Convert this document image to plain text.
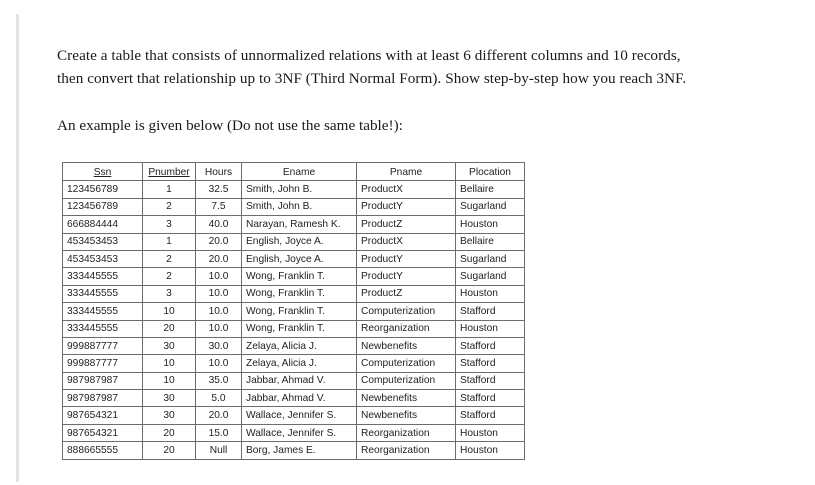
Create a table that consists of unnormalized relations with at least 6 different columns and 10 records,

then convert that relationship up to 3NF (Third Normal Form). Show step-by-step how you reach 3NF.

An example is given below (Do not use the same table!):
Ssn	Pnumber	Hours	Ename	Pname	Plocation
123456789	1	32.5	Smith, John B.	ProductX	Bellaire
123456789	2	7.5	Smith, John B.	ProductY	Sugarland
666884444	3	40.0	Narayan, Ramesh K.	ProductZ	Houston
453453453	1	20.0	English, Joyce A.	ProductX	Bellaire
453453453	2	20.0	English, Joyce A.	ProductY	Sugarland
333445555	2	10.0	Wong, Franklin T.	ProductY	Sugarland
333445555	3	10.0	Wong, Franklin T.	ProductZ	Houston
333445555	10	10.0	Wong, Franklin T.	Computerization	Stafford
333445555	20	10.0	Wong, Franklin T.	Reorganization	Houston
999887777	30	30.0	Zelaya, Alicia J.	Newbenefits	Stafford
999887777	10	10.0	Zelaya, Alicia J.	Computerization	Stafford
987987987	10	35.0	Jabbar, Ahmad V.	Computerization	Stafford
987987987	30	5.0	Jabbar, Ahmad V.	Newbenefits	Stafford
987654321	30	20.0	Wallace, Jennifer S.	Newbenefits	Stafford
987654321	20	15.0	Wallace, Jennifer S.	Reorganization	Houston
888665555	20	Null	Borg, James E.	Reorganization	Houston
